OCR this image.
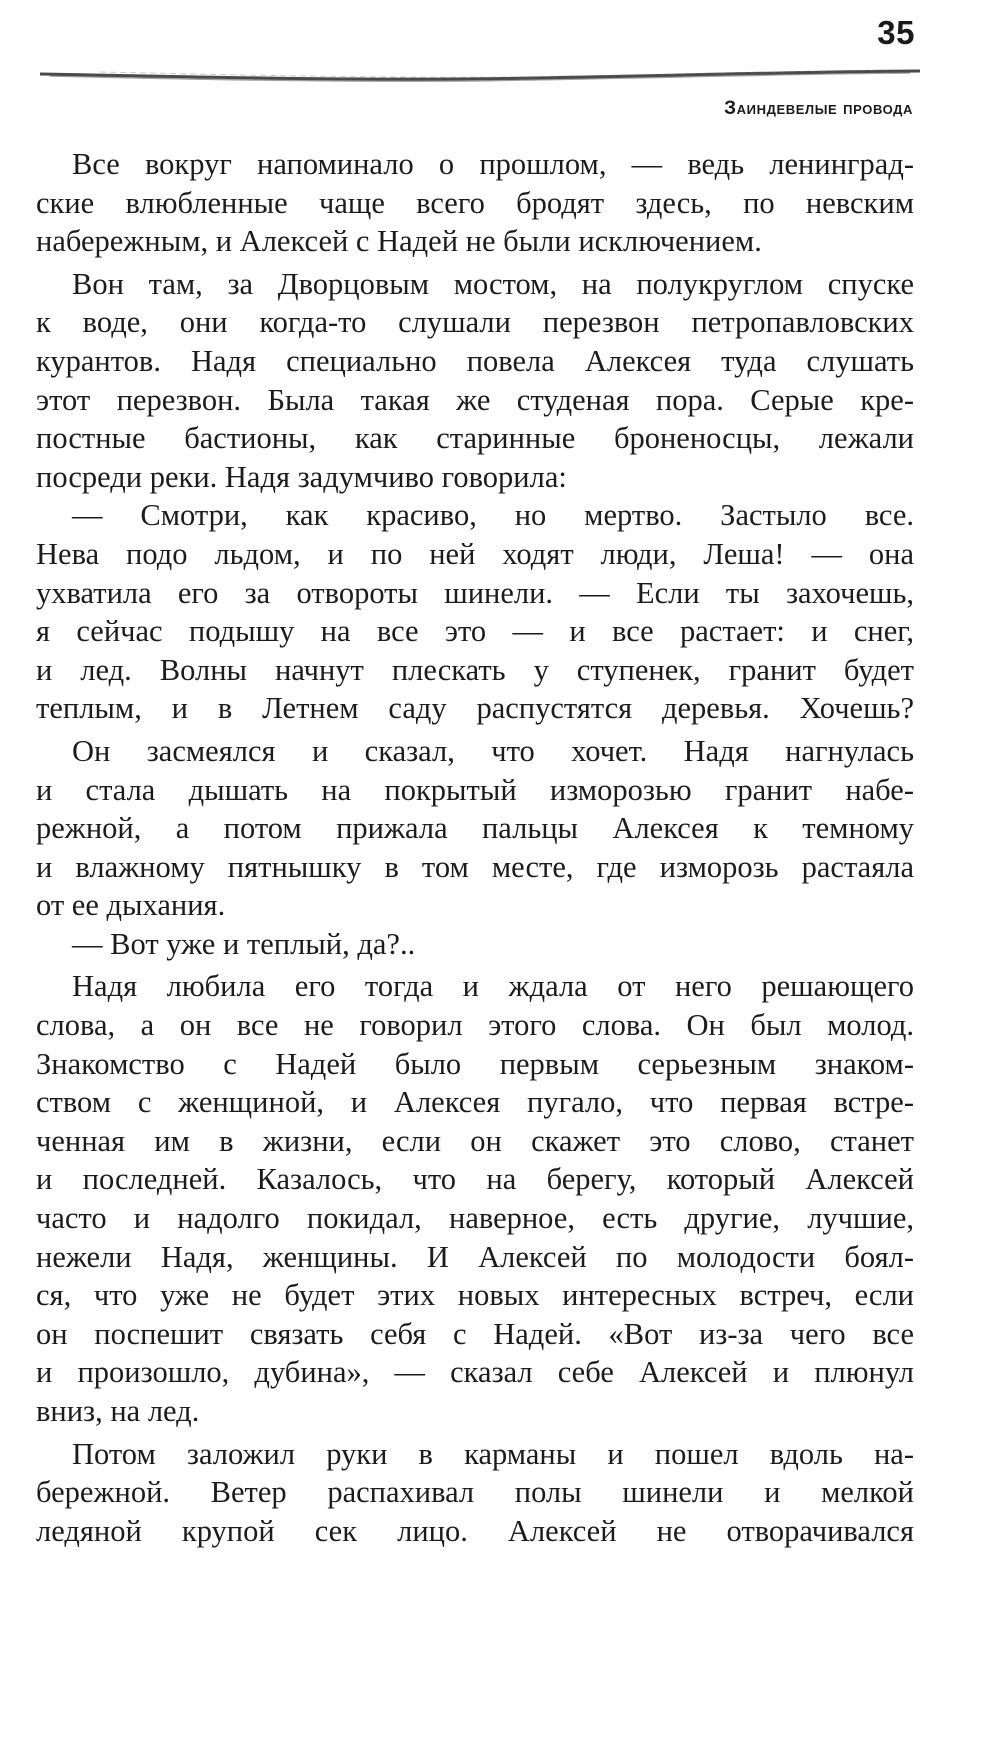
35
Заиндевелые провода
Все вокруг напоминало о прошлом, — ведь ленинград-
ские влюбленные чаще всего бродят здесь, по невским
набережным, и Алексей с Надей не были исключением.
Вон там, за Дворцовым мостом, на полукруглом спуске
к воде, они когда-то слушали перезвон петропавловских
курантов. Надя специально повела Алексея туда слушать
этот перезвон. Была такая же студеная пора. Серые кре-
постные бастионы, как старинные броненосцы, лежали
посреди реки. Надя задумчиво говорила:
— Смотри, как красиво, но мертво. Застыло все.
Нева подо льдом, и по ней ходят люди, Леша! — она
ухватила его за отвороты шинели. — Если ты захочешь,
я сейчас подышу на все это — и все растает: и снег,
и лед. Волны начнут плескать у ступенек, гранит будет
теплым, и в Летнем саду распустятся деревья. Хочешь?
Он засмеялся и сказал, что хочет. Надя нагнулась
и стала дышать на покрытый изморозью гранит набе-
режной, а потом прижала пальцы Алексея к темному
и влажному пятнышку в том месте, где изморозь растаяла
от ее дыхания.
— Вот уже и теплый, да?..
Надя любила его тогда и ждала от него решающего
слова, а он все не говорил этого слова. Он был молод.
Знакомство с Надей было первым серьезным знаком-
ством с женщиной, и Алексея пугало, что первая встре-
ченная им в жизни, если он скажет это слово, станет
и последней. Казалось, что на берегу, который Алексей
часто и надолго покидал, наверное, есть другие, лучшие,
нежели Надя, женщины. И Алексей по молодости боял-
ся, что уже не будет этих новых интересных встреч, если
он поспешит связать себя с Надей. «Вот из-за чего все
и произошло, дубина», — сказал себе Алексей и плюнул
вниз, на лед.
Потом заложил руки в карманы и пошел вдоль на-
бережной. Ветер распахивал полы шинели и мелкой
ледяной крупой сек лицо. Алексей не отворачивался
